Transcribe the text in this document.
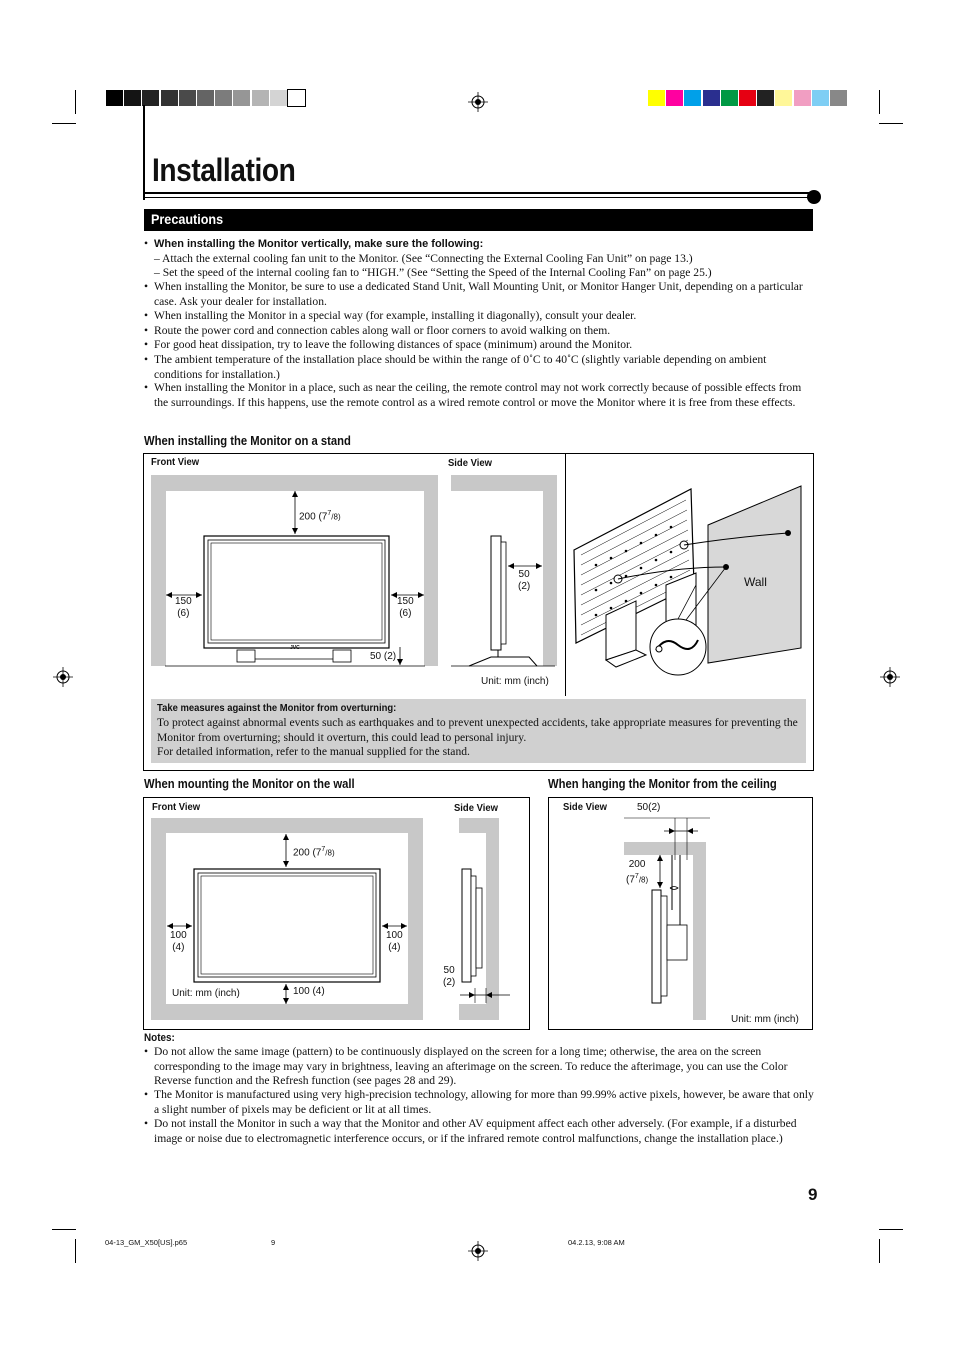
Installation
Precautions
• When installing the Monitor vertically, make sure the following:
– Attach the external cooling fan unit to the Monitor. (See “Connecting the External Cooling Fan Unit” on page 13.)
– Set the speed of the internal cooling fan to “HIGH.” (See “Setting the Speed of the Internal Cooling Fan” on page 25.)
• When installing the Monitor, be sure to use a dedicated Stand Unit, Wall Mounting Unit, or Monitor Hanger Unit, depending on a particular case. Ask your dealer for installation.
• When installing the Monitor in a special way (for example, installing it diagonally), consult your dealer.
• Route the power cord and connection cables along wall or floor corners to avoid walking on them.
• For good heat dissipation, try to leave the following distances of space (minimum) around the Monitor.
• The ambient temperature of the installation place should be within the range of 0˚C to 40˚C (slightly variable depending on ambient conditions for installation.)
• When installing the Monitor in a place, such as near the ceiling, the remote control may not work correctly because of possible effects from the surroundings. If this happens, use the remote control as a wired remote control or move the Monitor where it is free from these effects.
When installing the Monitor on a stand
Front View	Side View
JVC
200 $(7^7/8)$
150
(6)
150
(6)
50 (2)
50
(2)
Unit: mm (inch)
Wall
Take measures against the Monitor from overturning:
To protect against abnormal events such as earthquakes and to prevent unexpected accidents, take appropriate measures for preventing the Monitor from overturning; should it overturn, this could lead to personal injury.
For detailed information, refer to the manual supplied for the stand.
When mounting the Monitor on the wall
Front View	Side View
200 $(7^7/8)$
100
(4)
100
(4)
100 (4)
Unit: mm (inch)
50
(2)
When hanging the Monitor from the ceiling
Side View	50(2)
200
$(7^7/8)$
Unit: mm (inch)
Notes:
• Do not allow the same image (pattern) to be continuously displayed on the screen for a long time; otherwise, the area on the screen corresponding to the image may vary in brightness, leaving an afterimage on the screen. To reduce the afterimage, you can use the Color Reverse function and the Refresh function (see pages 28 and 29).
• The Monitor is manufactured using very high-precision technology, allowing for more than 99.99% active pixels, however, be aware that only a slight number of pixels may be deficient or lit at all times.
• Do not install the Monitor in such a way that the Monitor and other AV equipment affect each other adversely. (For example, if a disturbed image or noise due to electromagnetic interference occurs, or if the infrared remote control malfunctions, change the installation place.)
9
04-13_GM_X50[US].p65	9	04.2.13, 9:08 AM
